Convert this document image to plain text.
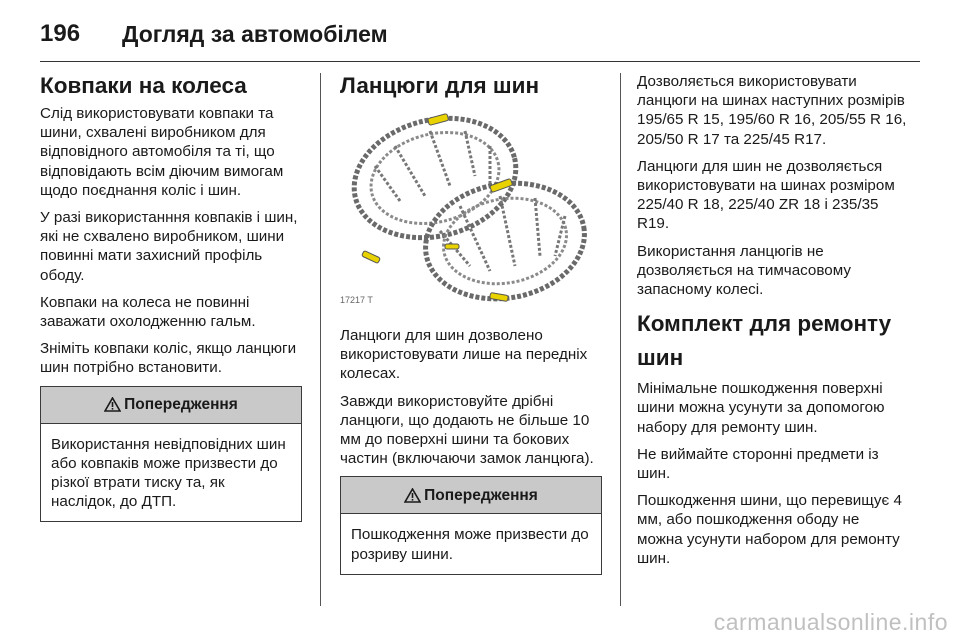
196 Догляд за автомобілем
Ковпаки на колеса

Слід використовувати ковпаки та шини, схвалені виробником для відповідного автомобіля та ті, що відповідають всім діючим вимогам щодо поєднання коліс і шин.

У разі використанння ковпаків і шин, які не схвалено виробником, шини повинні мати захисний профіль ободу.

Ковпаки на колеса не повинні заважати охолодженню гальм.

Зніміть ковпаки коліс, якщо ланцюги шин потрібно встановити.

Попередження
Використання невідповідних шин або ковпаків може призвести до різкої втрати тиску та, як наслідок, до ДТП.
Ланцюги для шин
17217 T

Ланцюги для шин дозволено використовувати лише на передніх колесах.

Завжди використовуйте дрібні ланцюги, що додають не більше 10 мм до поверхні шини та бокових частин (включаючи замок ланцюга).

Попередження
Пошкодження може призвести до розриву шини.

Дозволяється використовувати ланцюги на шинах наступних розмірів 195/65 R 15, 195/60 R 16, 205/55 R 16, 205/50 R 17 та 225/45 R17.

Ланцюги для шин не дозволяється використовувати на шинах розміром 225/40 R 18, 225/40 ZR 18 і 235/35 R19.

Використання ланцюгів не дозволяється на тимчасовому запасному колесі.

Комплект для ремонту шин

Мінімальне пошкодження поверхні шини можна усунути за допомогою набору для ремонту шин.

Не виймайте сторонні предмети із шин.

Пошкодження шини, що перевищує 4 мм, або пошкодження ободу не можна усунути набором для ремонту шин.

carmanualsonline.info
